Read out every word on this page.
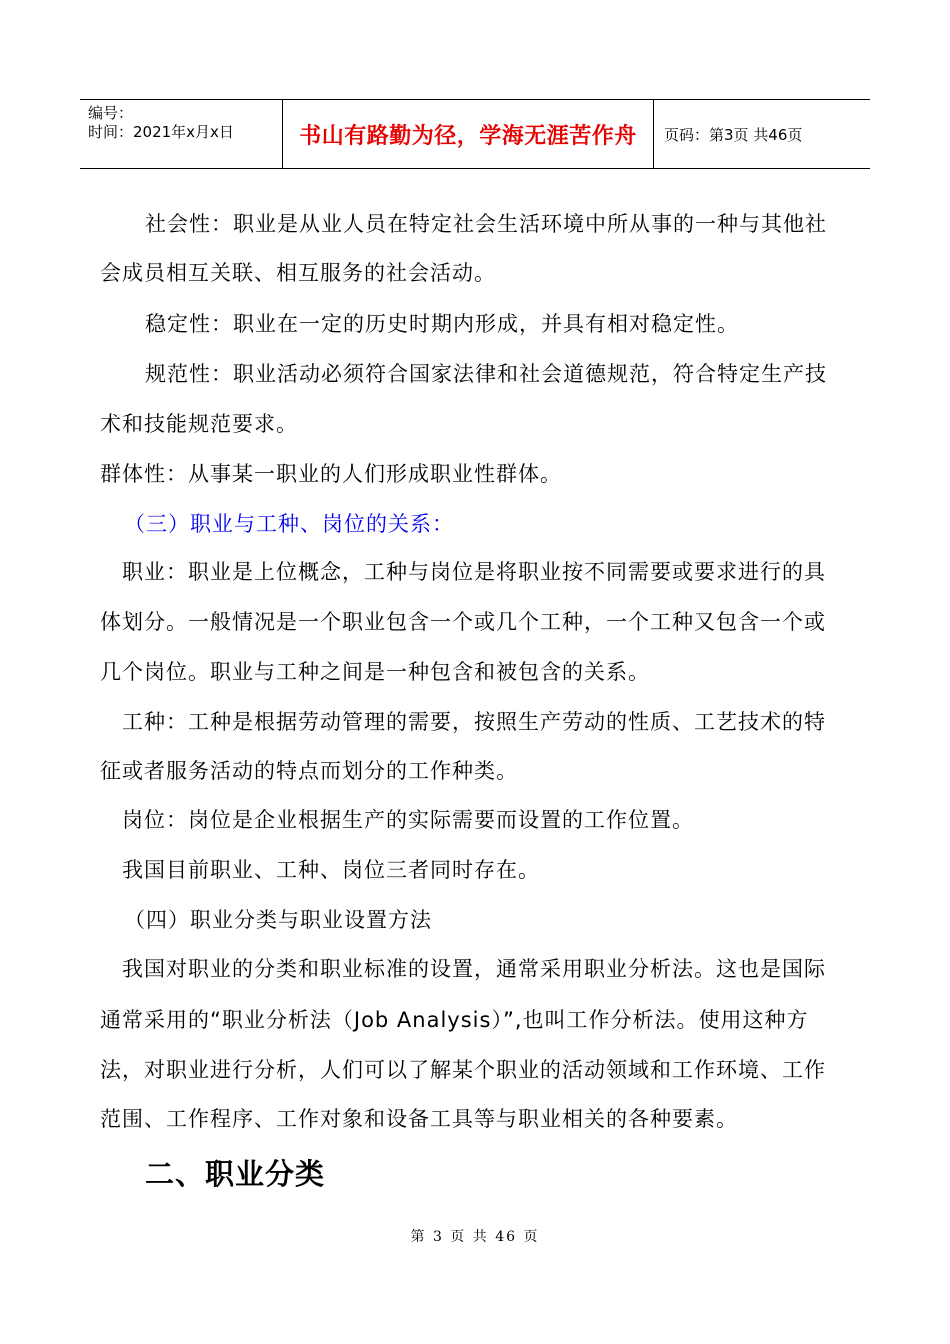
编号：
时间：2021年x月x日	书山有路勤为径，学海无涯苦作舟	页码：第3页 共46页
社会性：职业是从业人员在特定社会生活环境中所从事的一种与其他社
会成员相互关联、相互服务的社会活动。
稳定性：职业在一定的历史时期内形成，并具有相对稳定性。
规范性：职业活动必须符合国家法律和社会道德规范，符合特定生产技
术和技能规范要求。
群体性：从事某一职业的人们形成职业性群体。
（三）职业与工种、岗位的关系：
职业：职业是上位概念，工种与岗位是将职业按不同需要或要求进行的具
体划分。一般情况是一个职业包含一个或几个工种，一个工种又包含一个或
几个岗位。职业与工种之间是一种包含和被包含的关系。
工种：工种是根据劳动管理的需要，按照生产劳动的性质、工艺技术的特
征或者服务活动的特点而划分的工作种类。
岗位：岗位是企业根据生产的实际需要而设置的工作位置。
我国目前职业、工种、岗位三者同时存在。
（四）职业分类与职业设置方法
我国对职业的分类和职业标准的设置，通常采用职业分析法。这也是国际
通常采用的“职业分析法（Job Analysis）”,也叫工作分析法。使用这种方
法，对职业进行分析，人们可以了解某个职业的活动领域和工作环境、工作
范围、工作程序、工作对象和设备工具等与职业相关的各种要素。
二、职业分类
第 3 页 共 46 页
